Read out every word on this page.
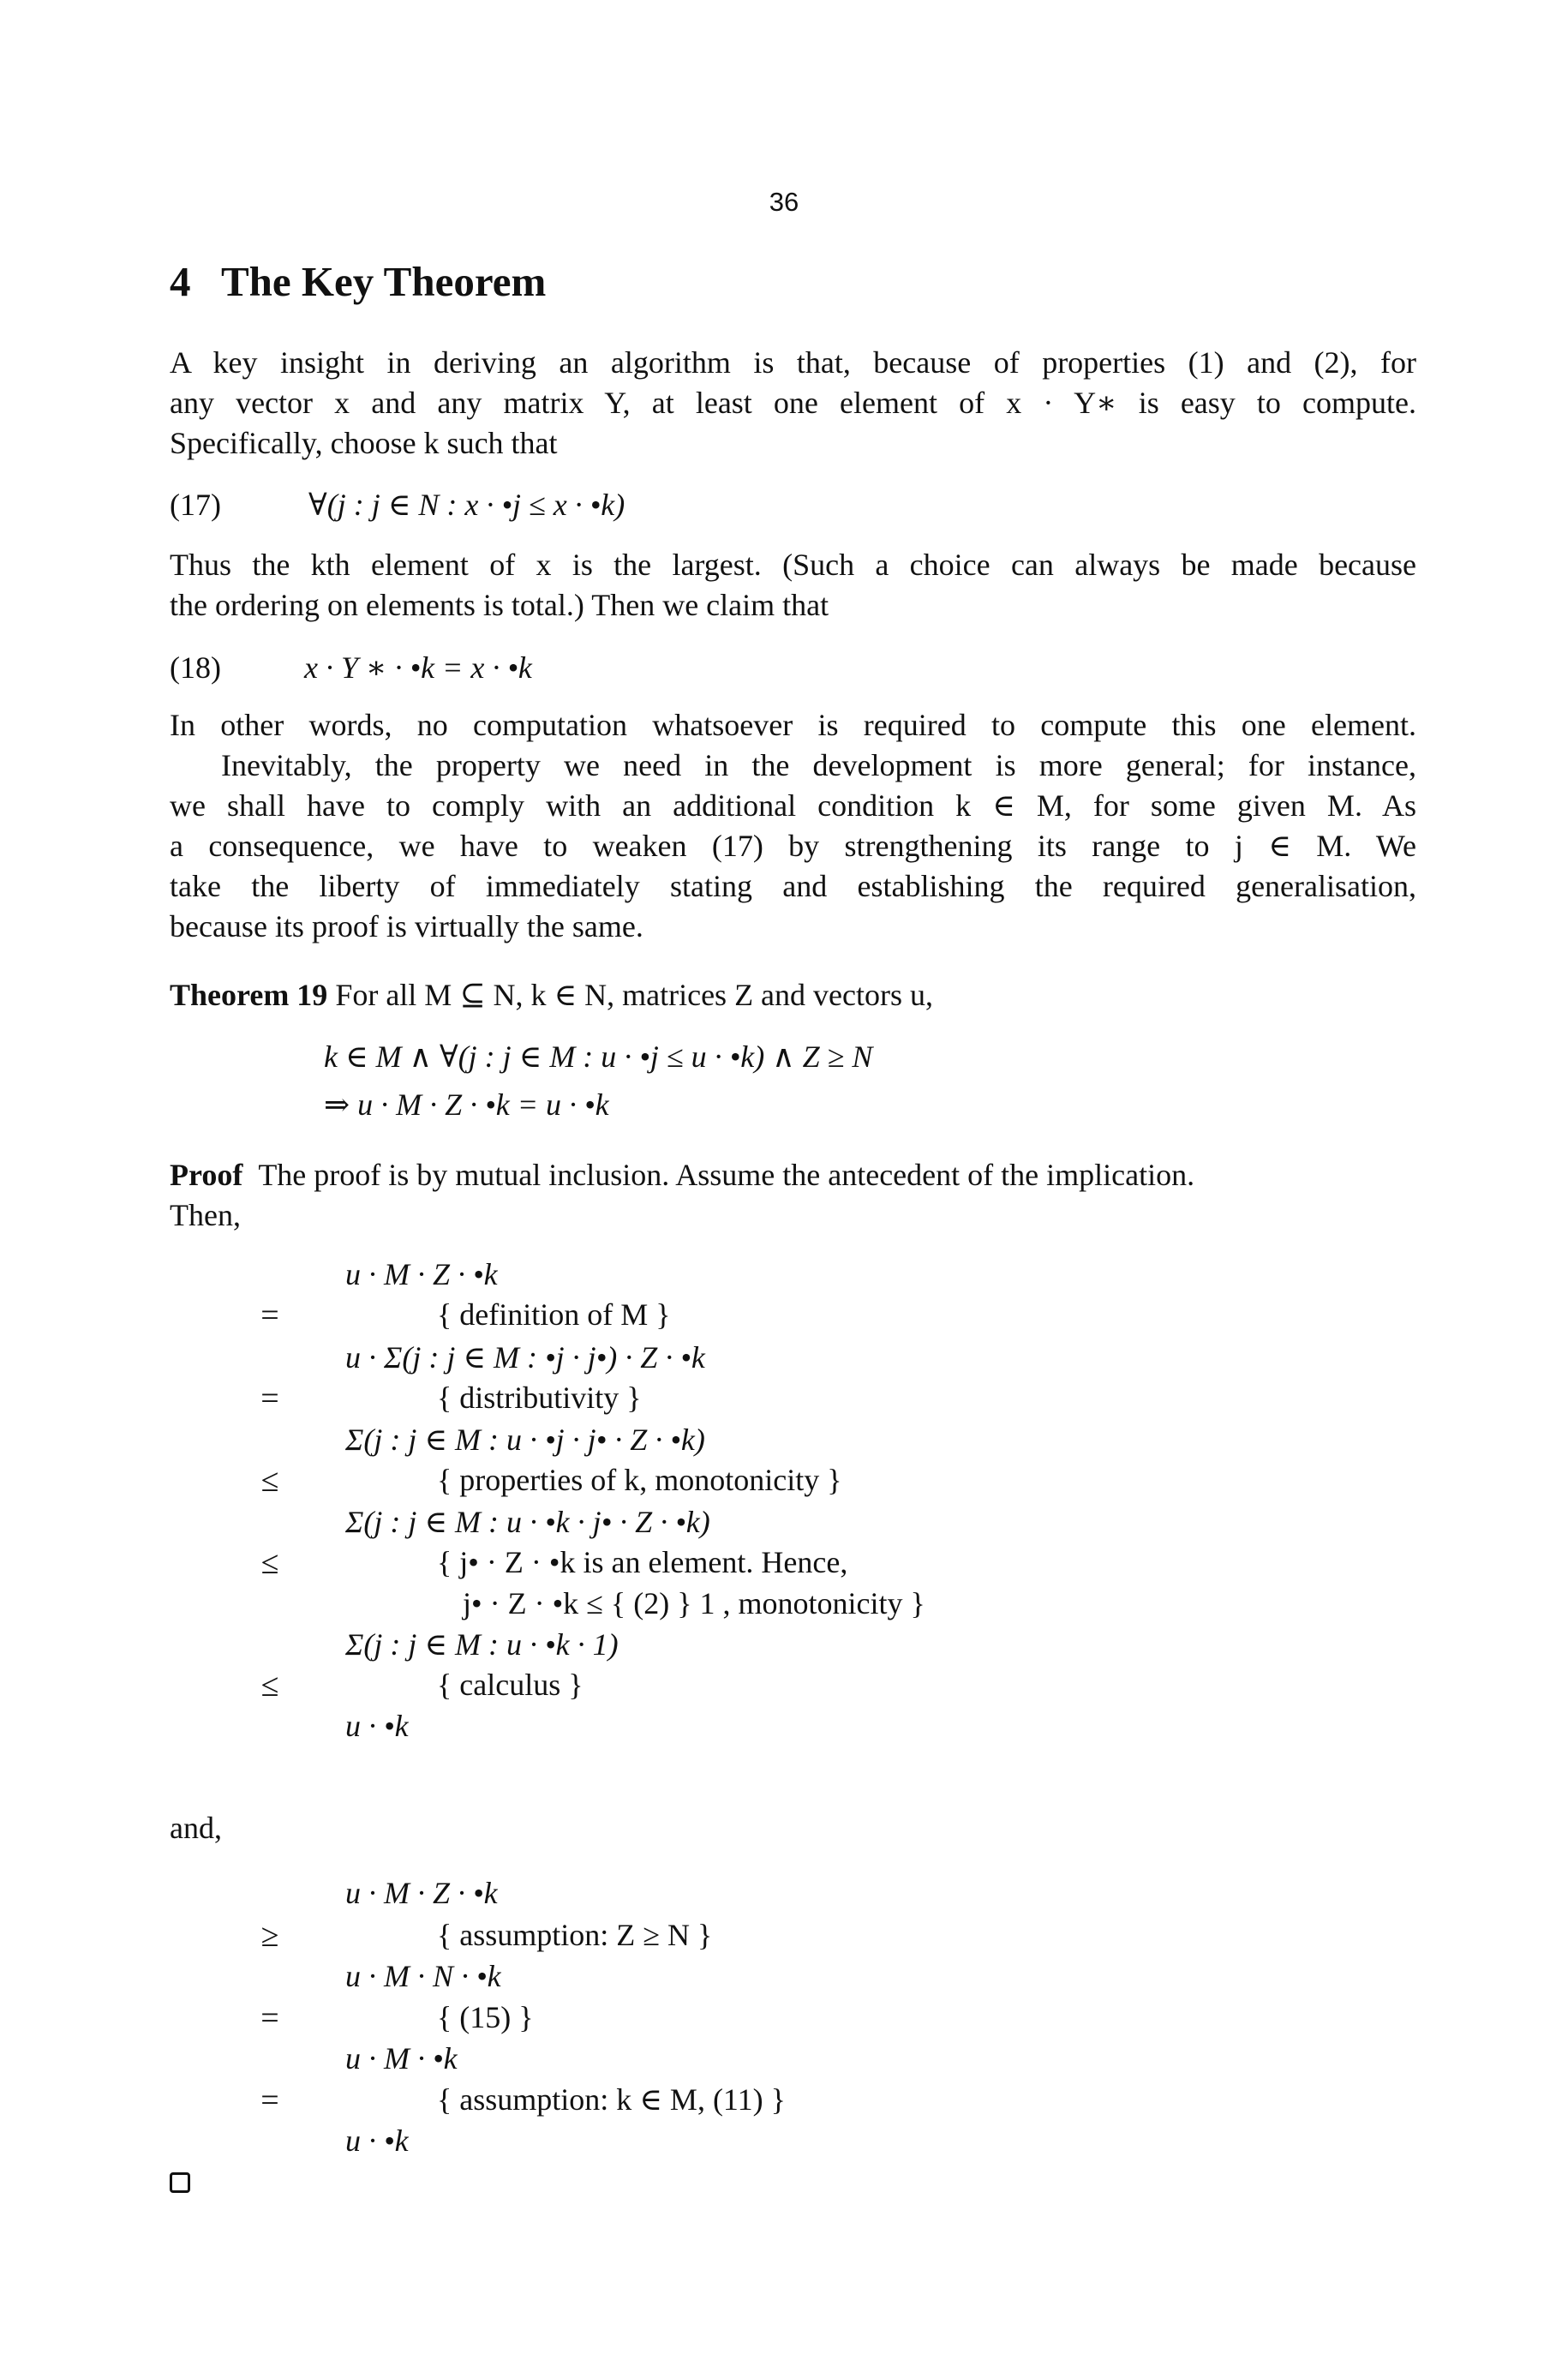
36
4 The Key Theorem
A key insight in deriving an algorithm is that, because of properties (1) and (2), for
any vector x and any matrix Y, at least one element of x · Y∗ is easy to compute.
Specifically, choose k such that
(17)	∀(j : j ∈ N : x · •j ≤ x · •k)
Thus the kth element of x is the largest. (Such a choice can always be made because
the ordering on elements is total.) Then we claim that
(18)	x · Y ∗ · •k = x · •k
In other words, no computation whatsoever is required to compute this one element.
Inevitably, the property we need in the development is more general; for instance,
we shall have to comply with an additional condition k ∈ M, for some given M. As
a consequence, we have to weaken (17) by strengthening its range to j ∈ M. We
take the liberty of immediately stating and establishing the required generalisation,
because its proof is virtually the same.
Theorem 19 For all M ⊆ N, k ∈ N, matrices Z and vectors u,
k ∈ M ∧ ∀(j : j ∈ M : u · •j ≤ u · •k) ∧ Z ≥ N
⇒ u · M · Z · •k = u · •k
Proof The proof is by mutual inclusion. Assume the antecedent of the implication.
Then,
u · M · Z · •k
=	{ definition of M }
u · Σ(j : j ∈ M : •j · j•) · Z · •k
=	{ distributivity }
Σ(j : j ∈ M : u · •j · j• · Z · •k)
≤	{ properties of k, monotonicity }
Σ(j : j ∈ M : u · •k · j• · Z · •k)
≤	{ j• · Z · •k is an element. Hence,
j• · Z · •k ≤ { (2) } 1 , monotonicity }
Σ(j : j ∈ M : u · •k · 1)
≤	{ calculus }
u · •k
and,
u · M · Z · •k
≥	{ assumption: Z ≥ N }
u · M · N · •k
=	{ (15) }
u · M · •k
=	{ assumption: k ∈ M, (11) }
u · •k
